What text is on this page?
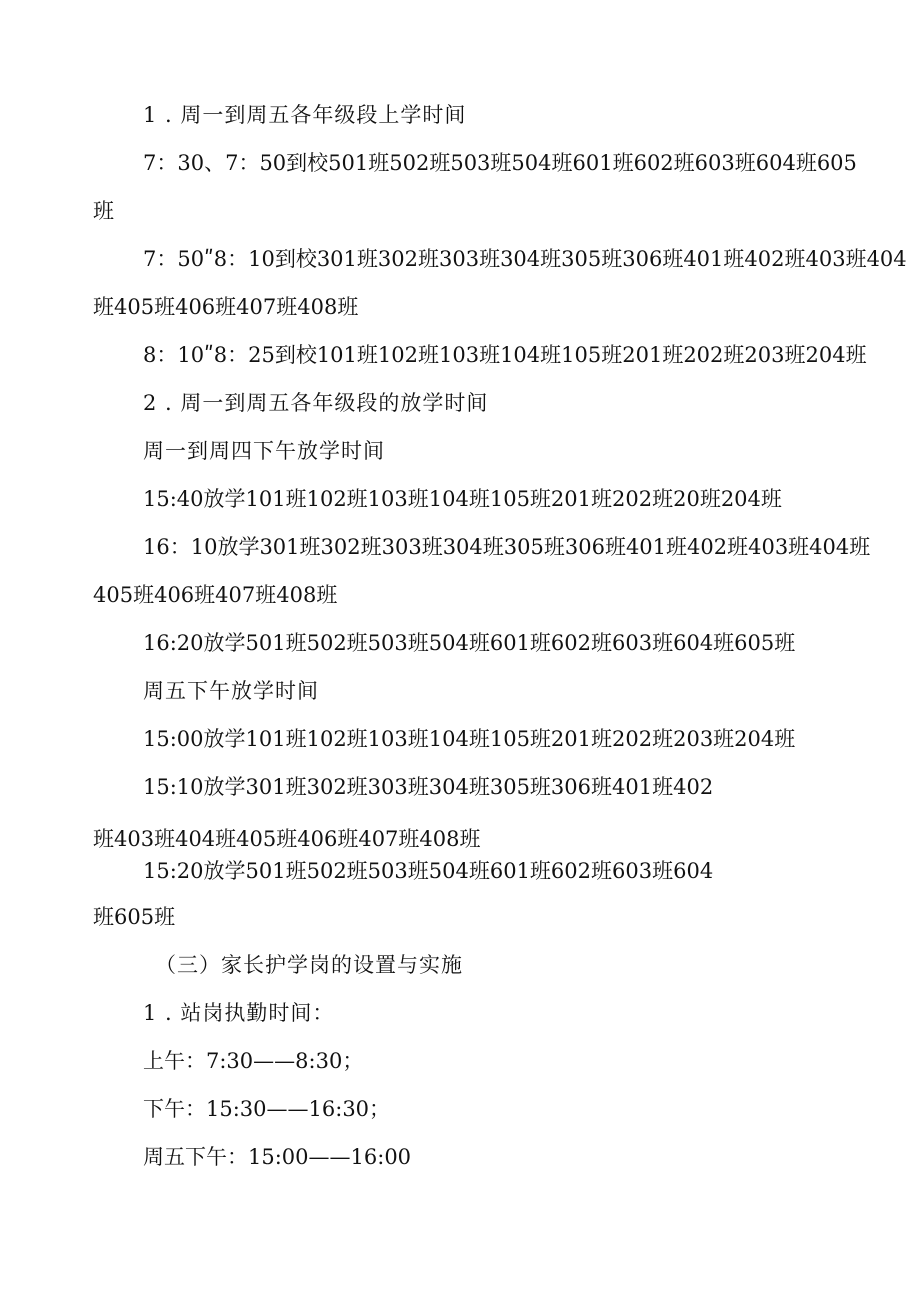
1 . 周一到周五各年级段上学时间
7：30、7：50到校501班502班503班504班601班602班603班604班605
班
7：50ʺ8：10到校301班302班303班304班305班306班401班402班403班404
班405班406班407班408班
8：10ʺ8：25到校101班102班103班104班105班201班202班203班204班
2 . 周一到周五各年级段的放学时间
周一到周四下午放学时间
15:40放学101班102班103班104班105班201班202班20班204班
16：10放学301班302班303班304班305班306班401班402班403班404班
405班406班407班408班
16:20放学501班502班503班504班601班602班603班604班605班
周五下午放学时间
15:00放学101班102班103班104班105班201班202班203班204班
15:10放学301班302班303班304班305班306班401班402
班403班404班405班406班407班408班
15:20放学501班502班503班504班601班602班603班604
班605班
（三）家长护学岗的设置与实施
1 . 站岗执勤时间：
上午：7:30——8:30；
下午：15:30——16:30；
周五下午：15:00——16:00
